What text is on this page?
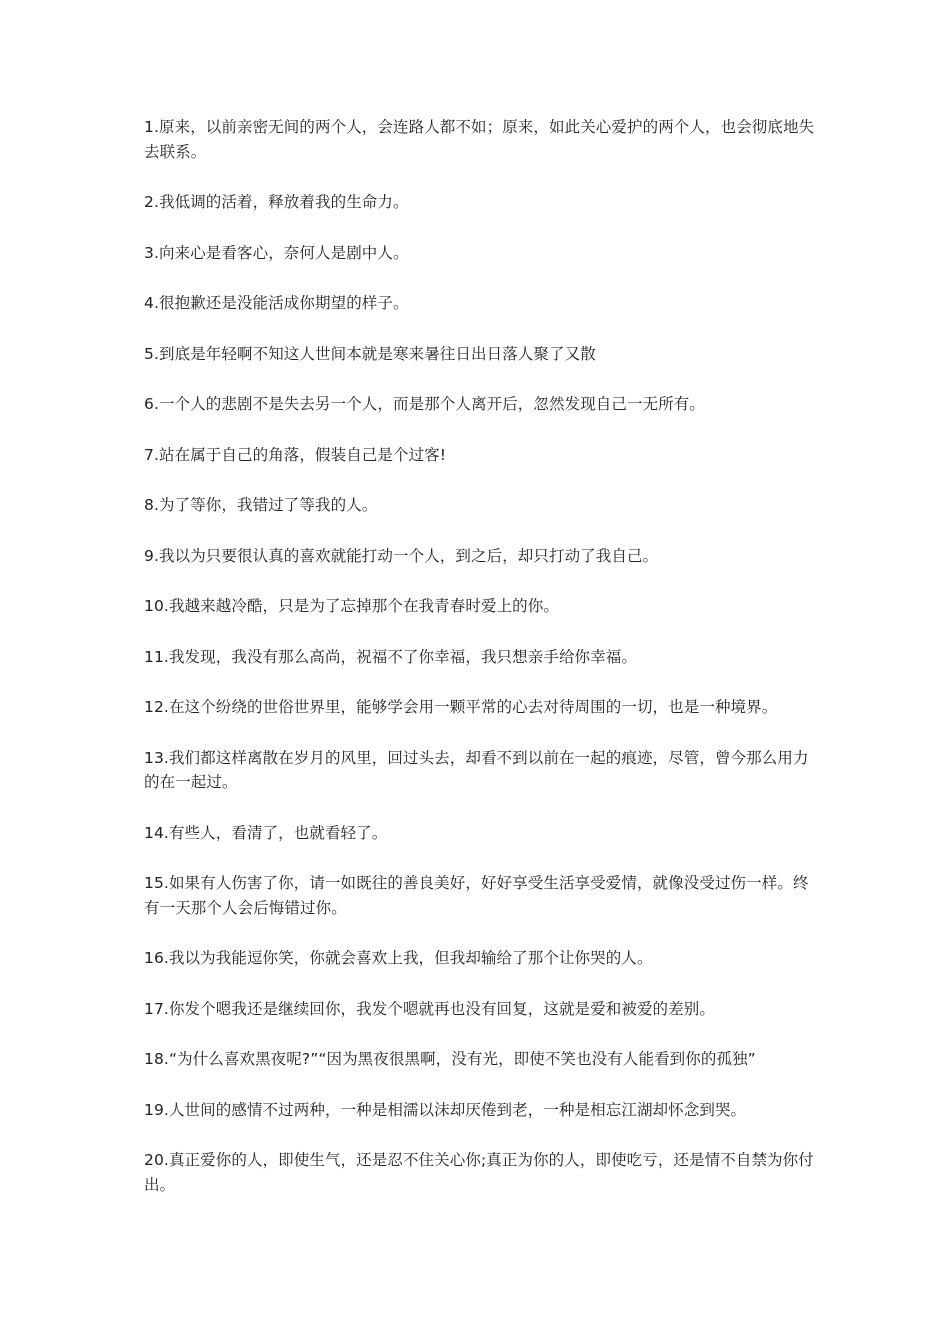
1.原来，以前亲密无间的两个人，会连路人都不如；原来，如此关心爱护的两个人，也会彻底地失去联系。

2.我低调的活着，释放着我的生命力。

3.向来心是看客心，奈何人是剧中人。

4.很抱歉还是没能活成你期望的样子。

5.到底是年轻啊不知这人世间本就是寒来暑往日出日落人聚了又散

6.一个人的悲剧不是失去另一个人，而是那个人离开后，忽然发现自己一无所有。

7.站在属于自己的角落，假装自己是个过客!

8.为了等你，我错过了等我的人。

9.我以为只要很认真的喜欢就能打动一个人，到之后，却只打动了我自己。

10.我越来越冷酷，只是为了忘掉那个在我青春时爱上的你。

11.我发现，我没有那么高尚，祝福不了你幸福，我只想亲手给你幸福。

12.在这个纷绕的世俗世界里，能够学会用一颗平常的心去对待周围的一切，也是一种境界。

13.我们都这样离散在岁月的风里，回过头去，却看不到以前在一起的痕迹，尽管，曾今那么用力的在一起过。

14.有些人，看清了，也就看轻了。

15.如果有人伤害了你，请一如既往的善良美好，好好享受生活享受爱情，就像没受过伤一样。终有一天那个人会后悔错过你。

16.我以为我能逗你笑，你就会喜欢上我，但我却输给了那个让你哭的人。

17.你发个嗯我还是继续回你，我发个嗯就再也没有回复，这就是爱和被爱的差别。

18.“为什么喜欢黑夜呢?”“因为黑夜很黑啊，没有光，即使不笑也没有人能看到你的孤独”

19.人世间的感情不过两种，一种是相濡以沫却厌倦到老，一种是相忘江湖却怀念到哭。

20.真正爱你的人，即使生气，还是忍不住关心你;真正为你的人，即使吃亏，还是情不自禁为你付出。
